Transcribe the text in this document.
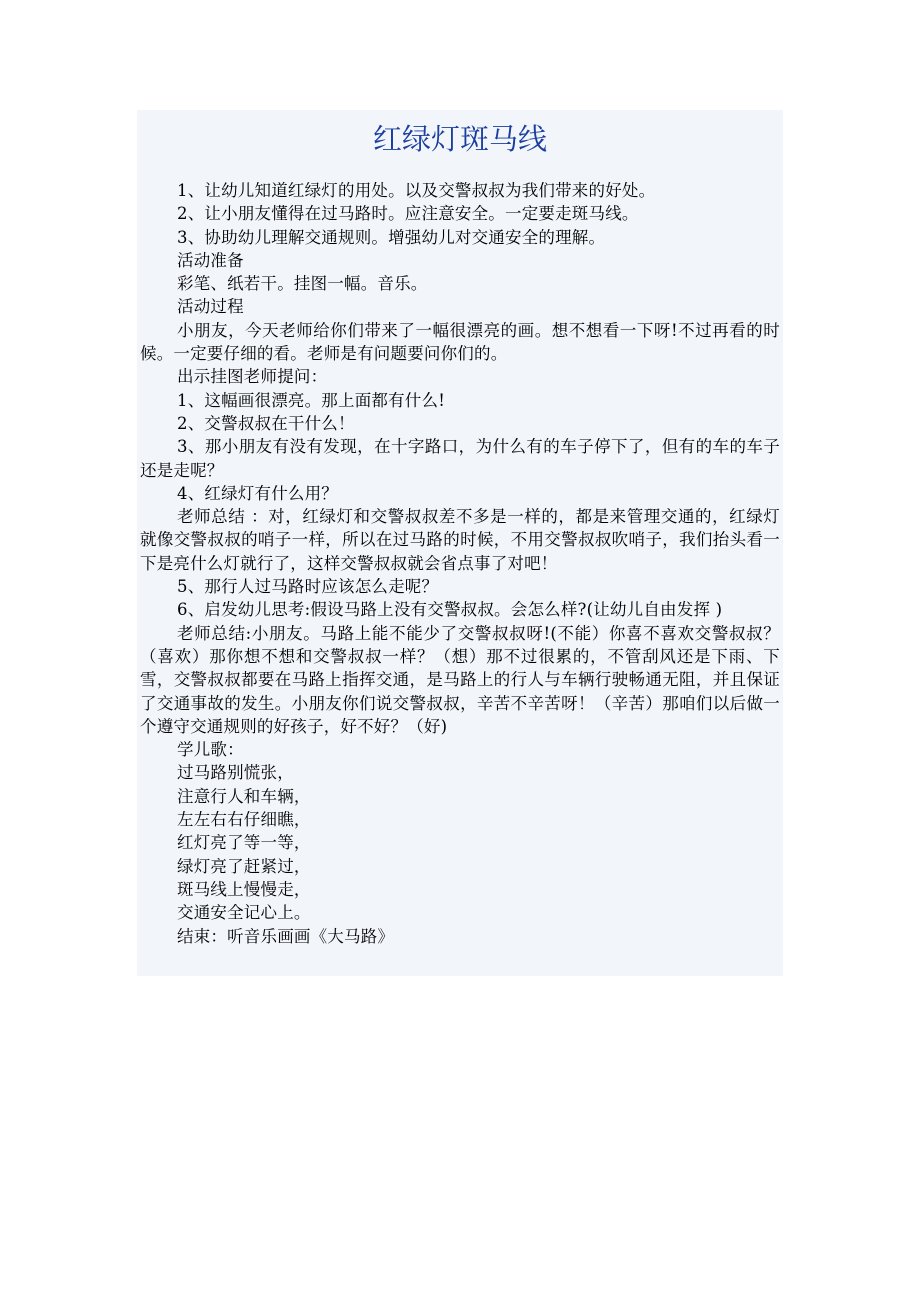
红绿灯斑马线

1、让幼儿知道红绿灯的用处。以及交警叔叔为我们带来的好处。

2、让小朋友懂得在过马路时。应注意安全。一定要走斑马线。

3、协助幼儿理解交通规则。增强幼儿对交通安全的理解。

活动准备

彩笔、纸若干。挂图一幅。音乐。

活动过程

小朋友，今天老师给你们带来了一幅很漂亮的画。想不想看一下呀!不过再看的时候。一定要仔细的看。老师是有问题要问你们的。

出示挂图老师提问：

1、这幅画很漂亮。那上面都有什么!

2、交警叔叔在干什么！

3、那小朋友有没有发现，在十字路口，为什么有的车子停下了，但有的车的车子还是走呢？

4、红绿灯有什么用？

老师总结 ：对，红绿灯和交警叔叔差不多是一样的，都是来管理交通的，红绿灯就像交警叔叔的哨子一样，所以在过马路的时候，不用交警叔叔吹哨子，我们抬头看一下是亮什么灯就行了，这样交警叔叔就会省点事了对吧！

5、那行人过马路时应该怎么走呢？

6、启发幼儿思考:假设马路上没有交警叔叔。会怎么样?(让幼儿自由发挥 )

老师总结:小朋友。马路上能不能少了交警叔叔呀!(不能）你喜不喜欢交警叔叔？（喜欢）那你想不想和交警叔叔一样？（想）那不过很累的，不管刮风还是下雨、下雪，交警叔叔都要在马路上指挥交通，是马路上的行人与车辆行驶畅通无阻，并且保证了交通事故的发生。小朋友你们说交警叔叔，辛苦不辛苦呀！（辛苦）那咱们以后做一个遵守交通规则的好孩子，好不好？（好)

学儿歌：

过马路别慌张，

注意行人和车辆，

左左右右仔细瞧，

红灯亮了等一等，

绿灯亮了赶紧过，

斑马线上慢慢走，

交通安全记心上。

结束：听音乐画画《大马路》
